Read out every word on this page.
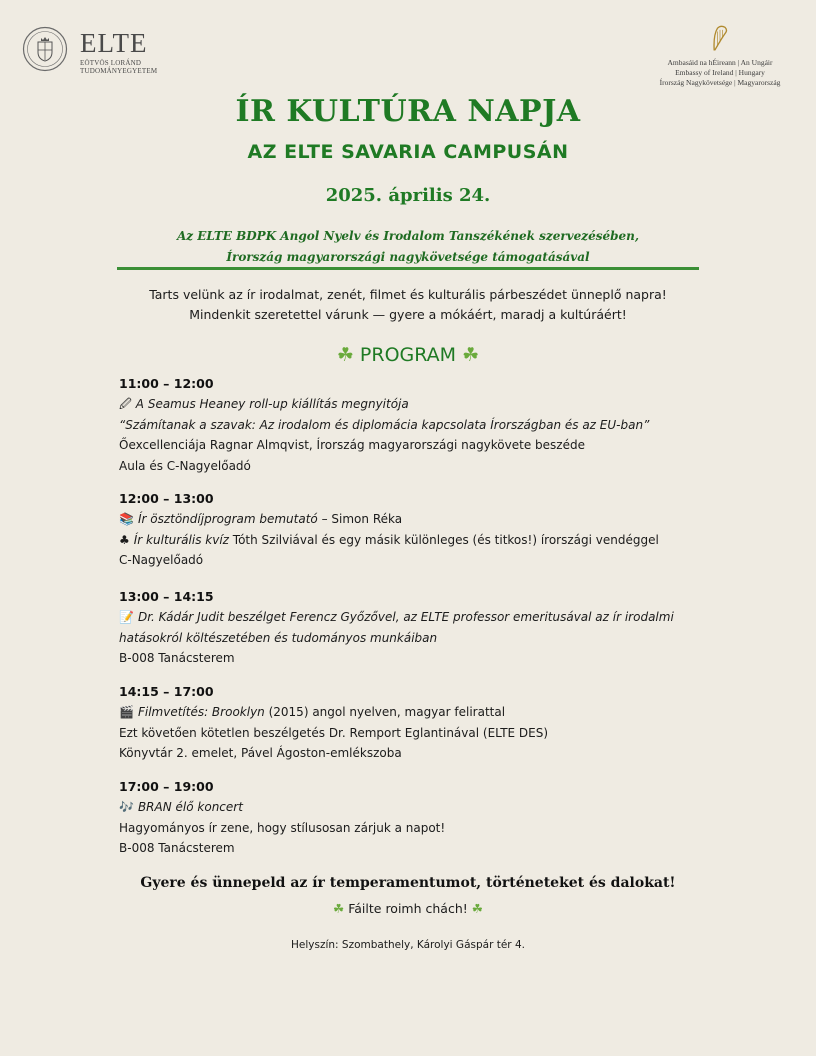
ELTE
EÖTVÖS LORÁND
TUDOMÁNYEGYETEM
Ambasáid na hÉireann | An Ungáir
Embassy of Ireland | Hungary
Írország Nagykövetsége | Magyarország
ÍR KULTÚRA NAPJA
AZ ELTE SAVARIA CAMPUSÁN
2025. április 24.
Az ELTE BDPK Angol Nyelv és Irodalom Tanszékének szervezésében,
Írország magyarországi nagykövetsége támogatásával
Tarts velünk az ír irodalmat, zenét, filmet és kulturális párbeszédet ünneplő napra!
Mindenkit szeretettel várunk — gyere a mókáért, maradj a kultúráért!
☘ PROGRAM ☘
11:00 – 12:00
🖉 A Seamus Heaney roll-up kiállítás megnyitója
“Számítanak a szavak: Az irodalom és diplomácia kapcsolata Írországban és az EU-ban”
Őexcellenciája Ragnar Almqvist, Írország magyarországi nagykövete beszéde
Aula és C-Nagyelőadó
12:00 – 13:00
📚 Ír ösztöndíjprogram bemutató – Simon Réka
♣ Ír kulturális kvíz Tóth Szilviával és egy másik különleges (és titkos!) írországi vendéggel
C-Nagyelőadó
13:00 – 14:15
📝 Dr. Kádár Judit beszélget Ferencz Győzővel, az ELTE professor emeritusával az ír irodalmi
hatásokról költészetében és tudományos munkáiban
B-008 Tanácsterem
14:15 – 17:00
🎬 Filmvetítés: Brooklyn (2015) angol nyelven, magyar felirattal
Ezt követően kötetlen beszélgetés Dr. Remport Eglantinával (ELTE DES)
Könyvtár 2. emelet, Pável Ágoston-emlékszoba
17:00 – 19:00
🎶 BRAN élő koncert
Hagyományos ír zene, hogy stílusosan zárjuk a napot!
B-008 Tanácsterem
Gyere és ünnepeld az ír temperamentumot, történeteket és dalokat!
☘ Fáilte roimh chách! ☘
Helyszín: Szombathely, Károlyi Gáspár tér 4.
